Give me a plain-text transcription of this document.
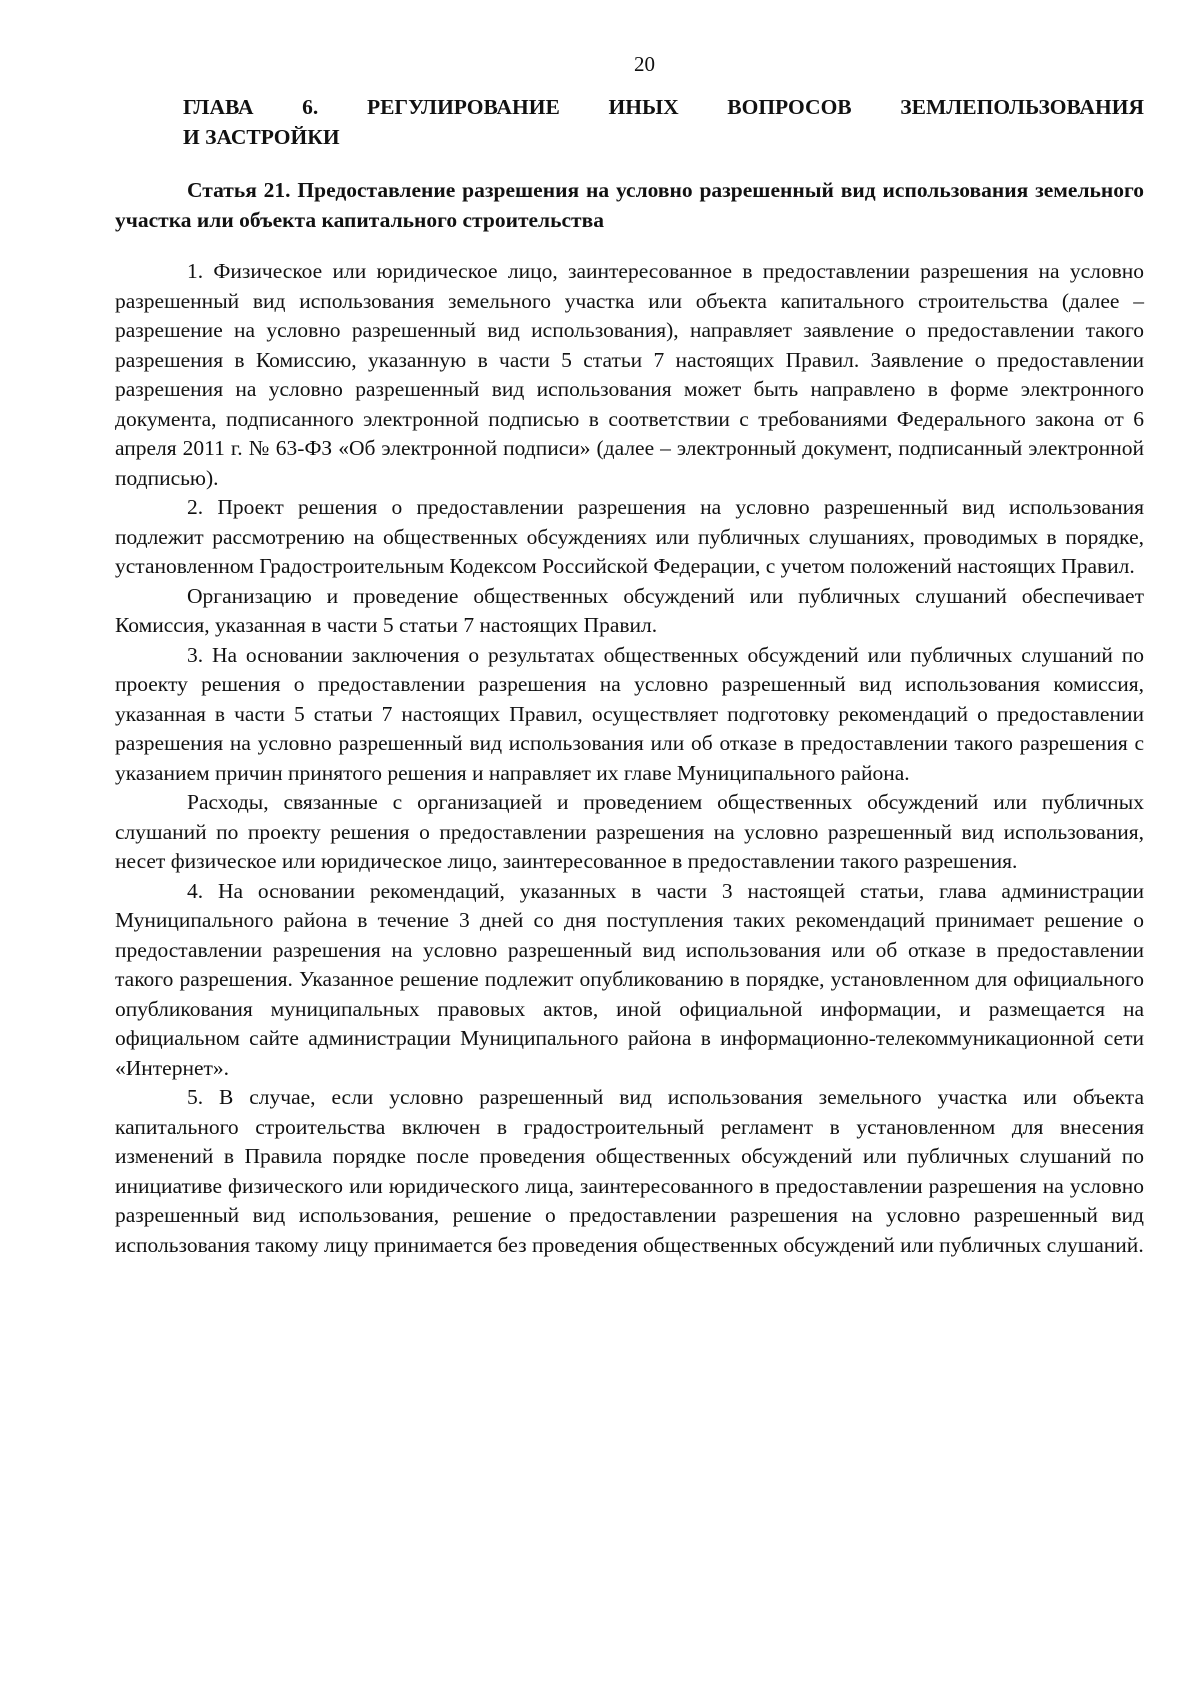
20
ГЛАВА 6. РЕГУЛИРОВАНИЕ ИНЫХ ВОПРОСОВ ЗЕМЛЕПОЛЬЗОВАНИЯ
И ЗАСТРОЙКИ
Статья 21. Предоставление разрешения на условно разрешенный вид использования земельного участка или объекта капитального строительства

1. Физическое или юридическое лицо, заинтересованное в предоставлении разрешения на условно разрешенный вид использования земельного участка или объекта капитального строительства (далее – разрешение на условно разрешенный вид использования), направляет заявление о предоставлении такого разрешения в Комиссию, указанную в части 5 статьи 7 настоящих Правил. Заявление о предоставлении разрешения на условно разрешенный вид использования может быть направлено в форме электронного документа, подписанного электронной подписью в соответствии с требованиями Федерального закона от 6 апреля 2011 г. № 63-ФЗ «Об электронной подписи» (далее – электронный документ, подписанный электронной подписью).

2. Проект решения о предоставлении разрешения на условно разрешенный вид использования подлежит рассмотрению на общественных обсуждениях или публичных слушаниях, проводимых в порядке, установленном Градостроительным Кодексом Российской Федерации, с учетом положений настоящих Правил.

Организацию и проведение общественных обсуждений или публичных слушаний обеспечивает Комиссия, указанная в части 5 статьи 7 настоящих Правил.

3. На основании заключения о результатах общественных обсуждений или публичных слушаний по проекту решения о предоставлении разрешения на условно разрешенный вид использования комиссия, указанная в части 5 статьи 7 настоящих Правил, осуществляет подготовку рекомендаций о предоставлении разрешения на условно разрешенный вид использования или об отказе в предоставлении такого разрешения с указанием причин принятого решения и направляет их главе Муниципального района.

Расходы, связанные с организацией и проведением общественных обсуждений или публичных слушаний по проекту решения о предоставлении разрешения на условно разрешенный вид использования, несет физическое или юридическое лицо, заинтересованное в предоставлении такого разрешения.

4. На основании рекомендаций, указанных в части 3 настоящей статьи, глава администрации Муниципального района в течение 3 дней со дня поступления таких рекомендаций принимает решение о предоставлении разрешения на условно разрешенный вид использования или об отказе в предоставлении такого разрешения. Указанное решение подлежит опубликованию в порядке, установленном для официального опубликования муниципальных правовых актов, иной официальной информации, и размещается на официальном сайте администрации Муниципального района в информационно-телекоммуникационной сети «Интернет».

5. В случае, если условно разрешенный вид использования земельного участка или объекта капитального строительства включен в градостроительный регламент в установленном для внесения изменений в Правила порядке после проведения общественных обсуждений или публичных слушаний по инициативе физического или юридического лица, заинтересованного в предоставлении разрешения на условно разрешенный вид использования, решение о предоставлении разрешения на условно разрешенный вид использования такому лицу принимается без проведения общественных обсуждений или публичных слушаний.
